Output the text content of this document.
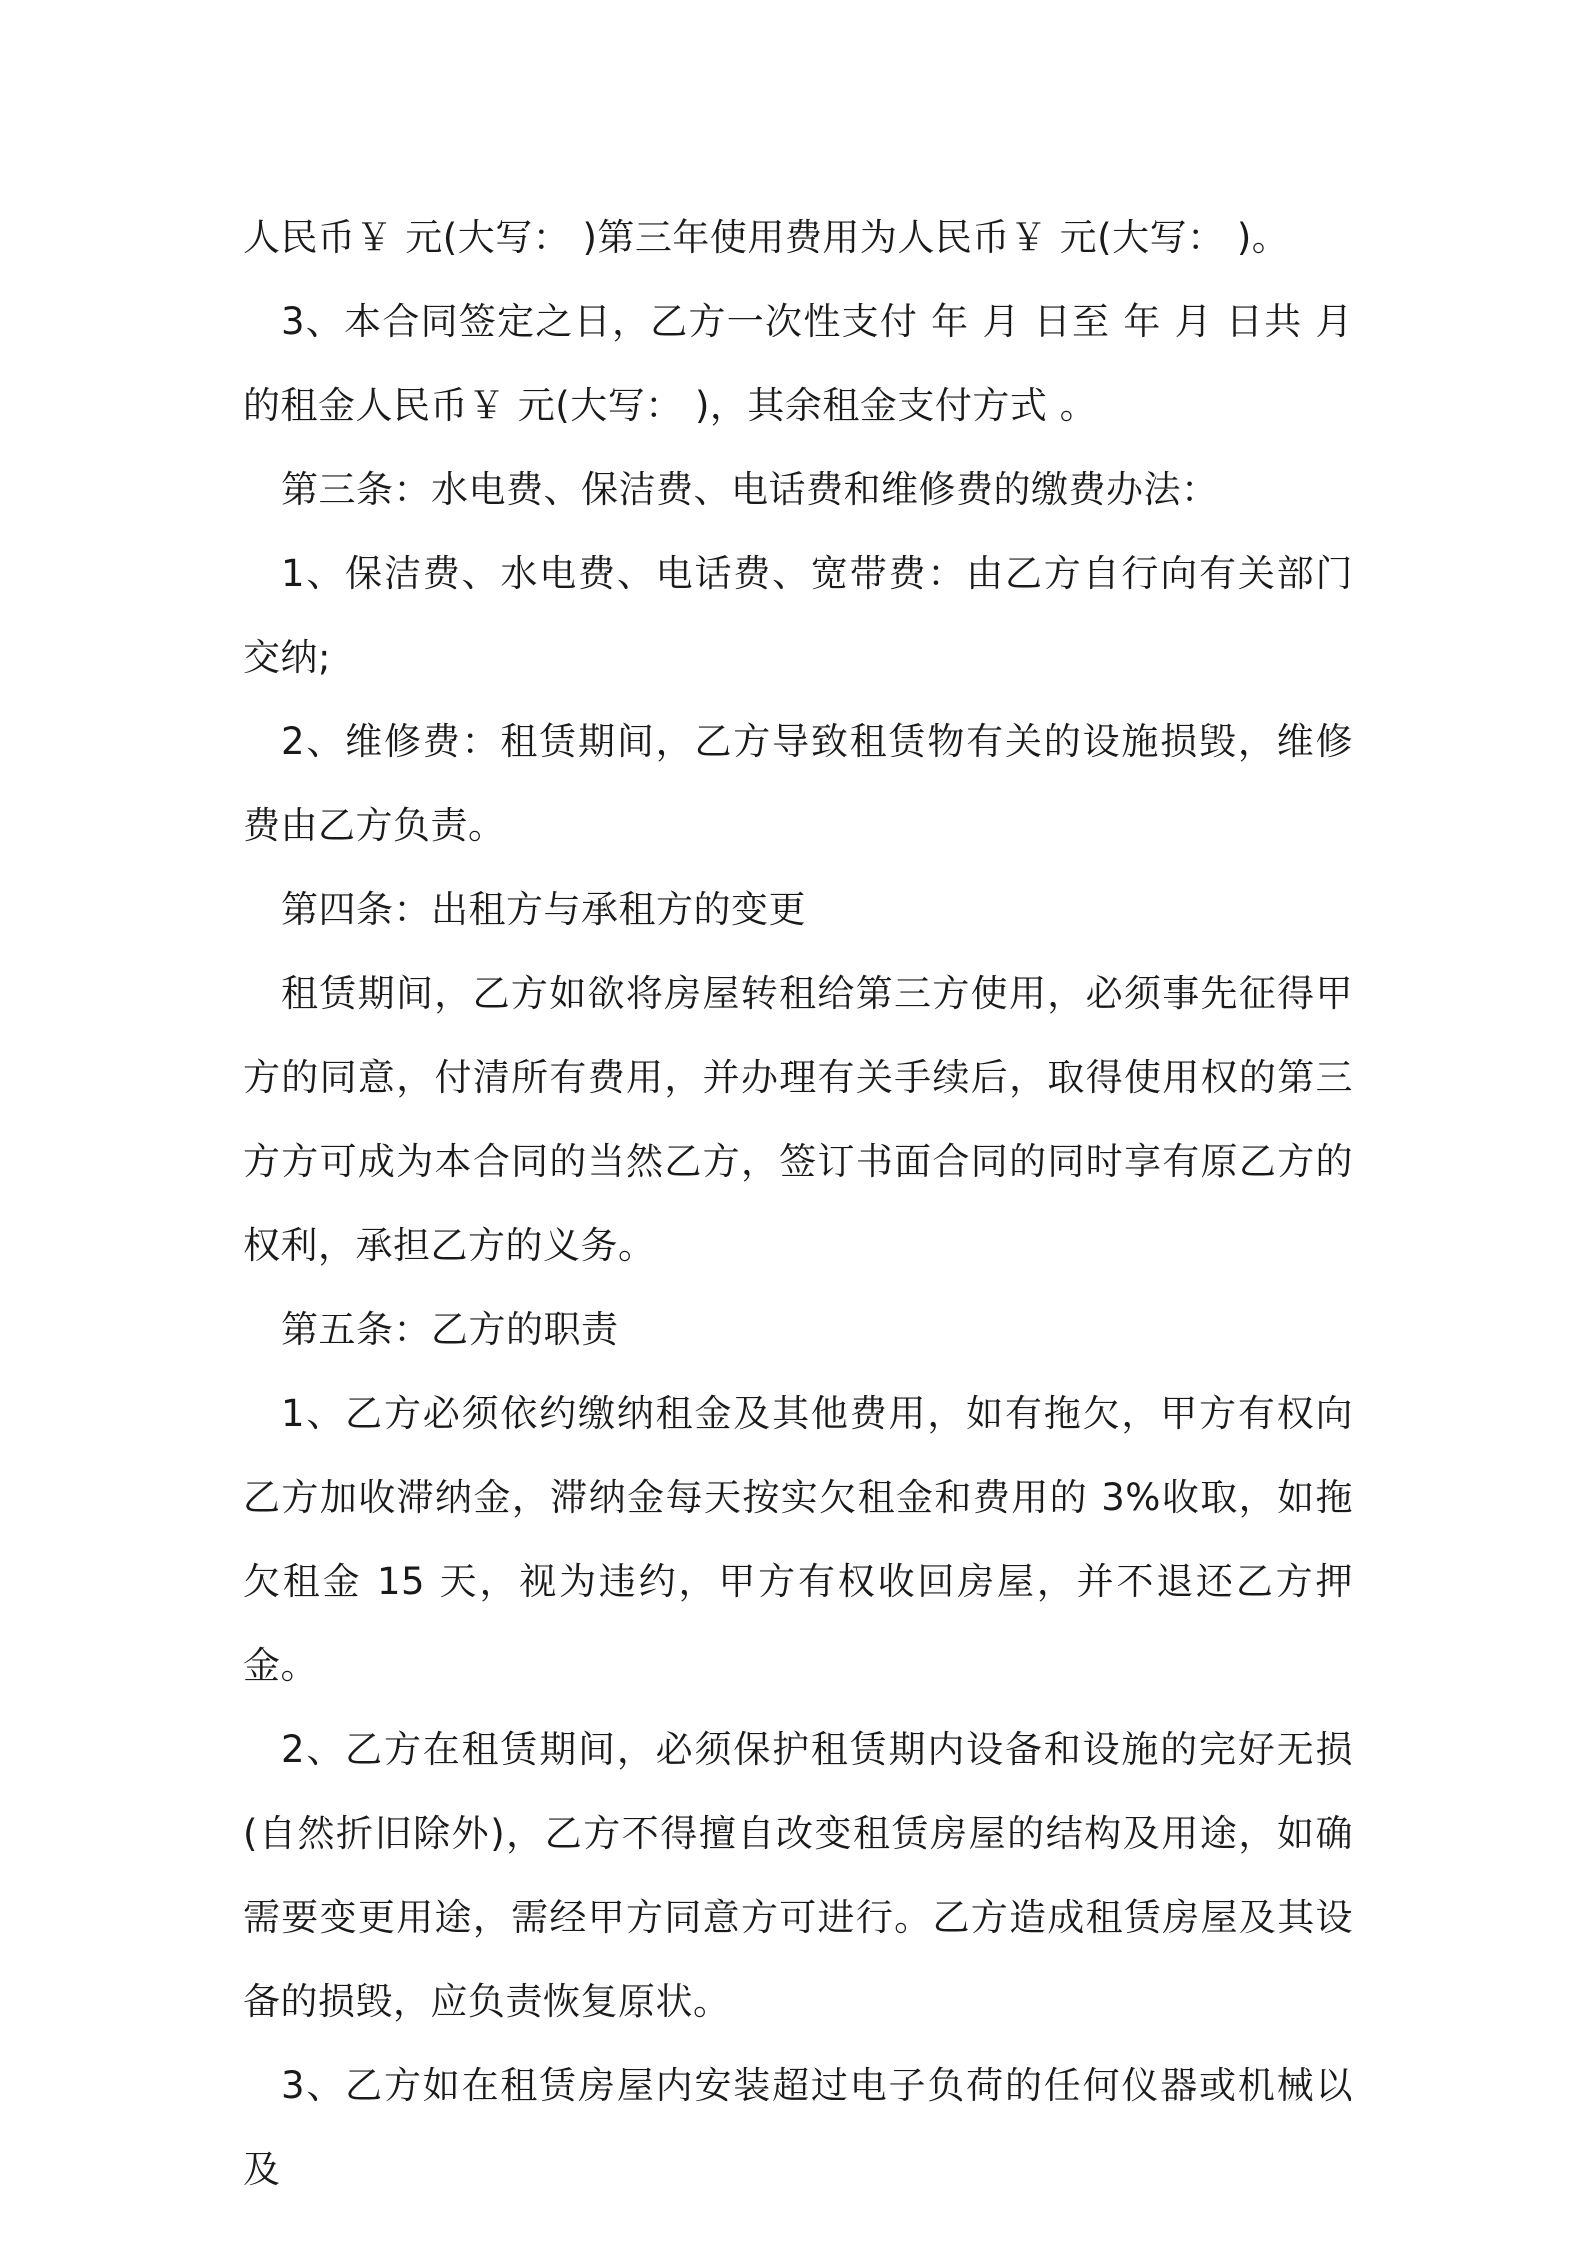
人民币￥ 元(大写： )第三年使用费用为人民币￥ 元(大写： )。

3、本合同签定之日，乙方一次性支付 年 月 日至 年 月 日共 月的租金人民币￥ 元(大写： )，其余租金支付方式 。

第三条：水电费、保洁费、电话费和维修费的缴费办法：

1、保洁费、水电费、电话费、宽带费：由乙方自行向有关部门交纳;

2、维修费：租赁期间，乙方导致租赁物有关的设施损毁，维修费由乙方负责。

第四条：出租方与承租方的变更

租赁期间，乙方如欲将房屋转租给第三方使用，必须事先征得甲方的同意，付清所有费用，并办理有关手续后，取得使用权的第三方方可成为本合同的当然乙方，签订书面合同的同时享有原乙方的权利，承担乙方的义务。

第五条：乙方的职责

1、乙方必须依约缴纳租金及其他费用，如有拖欠，甲方有权向乙方加收滞纳金，滞纳金每天按实欠租金和费用的 3%收取，如拖欠租金 15 天，视为违约，甲方有权收回房屋，并不退还乙方押金。

2、乙方在租赁期间，必须保护租赁期内设备和设施的完好无损(自然折旧除外)，乙方不得擅自改变租赁房屋的结构及用途，如确需要变更用途，需经甲方同意方可进行。乙方造成租赁房屋及其设备的损毁，应负责恢复原状。

3、乙方如在租赁房屋内安装超过电子负荷的任何仪器或机械以及
